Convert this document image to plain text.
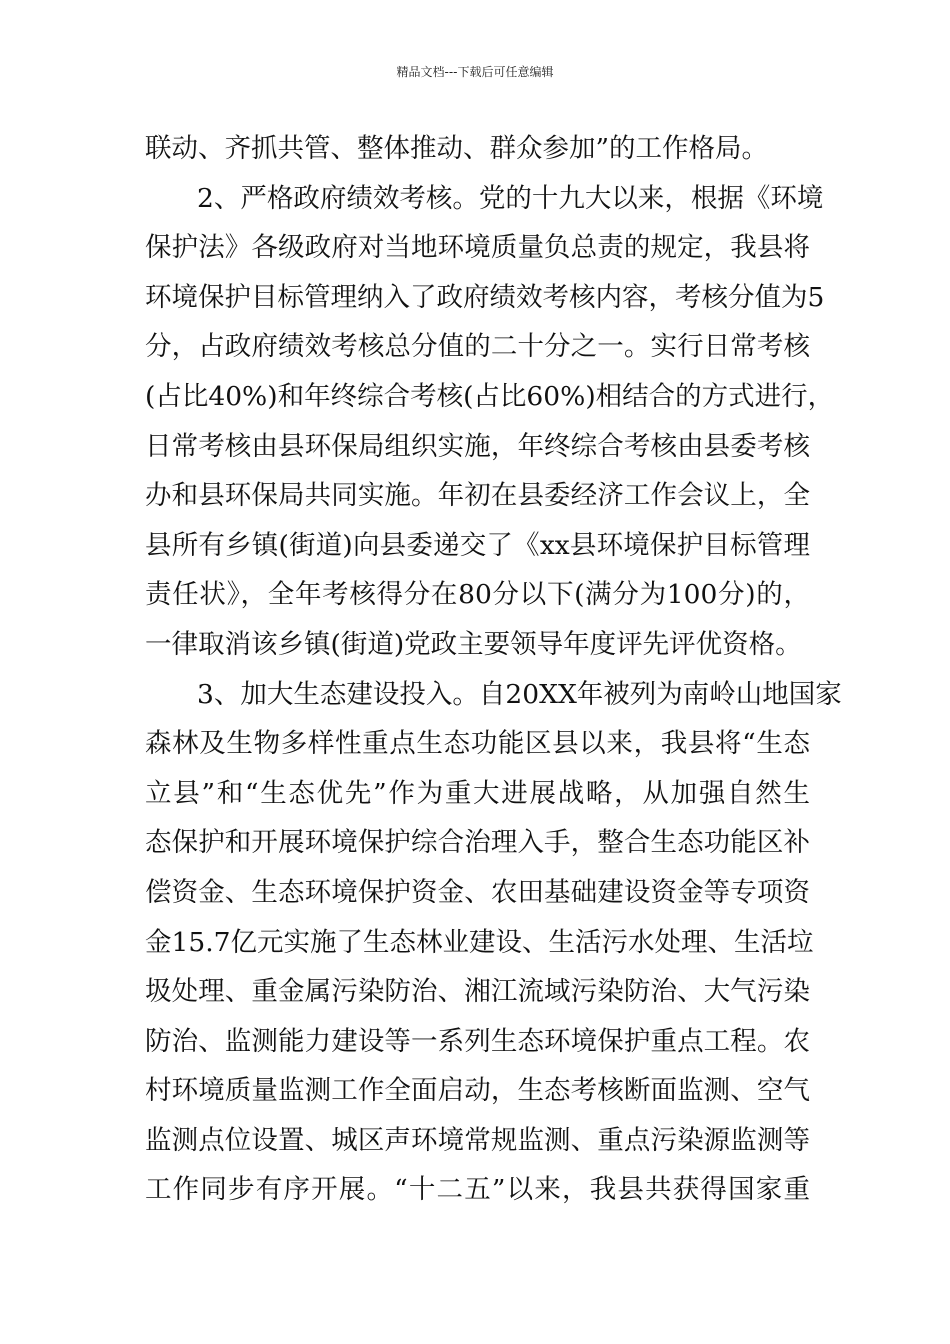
精品文档---下载后可任意编辑
联动、齐抓共管、整体推动、群众参加”的工作格局。
2、严格政府绩效考核。党的十九大以来，根据《环境
保护法》各级政府对当地环境质量负总责的规定，我县将
环境保护目标管理纳入了政府绩效考核内容，考核分值为5
分，占政府绩效考核总分值的二十分之一。实行日常考核
(占比40%)和年终综合考核(占比60%)相结合的方式进行，
日常考核由县环保局组织实施，年终综合考核由县委考核
办和县环保局共同实施。年初在县委经济工作会议上，全
县所有乡镇(街道)向县委递交了《xx县环境保护目标管理
责任状》，全年考核得分在80分以下(满分为100分)的，
一律取消该乡镇(街道)党政主要领导年度评先评优资格。
3、加大生态建设投入。自20XX年被列为南岭山地国家
森林及生物多样性重点生态功能区县以来，我县将“生态
立县”和“生态优先”作为重大进展战略，从加强自然生
态保护和开展环境保护综合治理入手，整合生态功能区补
偿资金、生态环境保护资金、农田基础建设资金等专项资
金15.7亿元实施了生态林业建设、生活污水处理、生活垃
圾处理、重金属污染防治、湘江流域污染防治、大气污染
防治、监测能力建设等一系列生态环境保护重点工程。农
村环境质量监测工作全面启动，生态考核断面监测、空气
监测点位设置、城区声环境常规监测、重点污染源监测等
工作同步有序开展。“十二五”以来，我县共获得国家重
